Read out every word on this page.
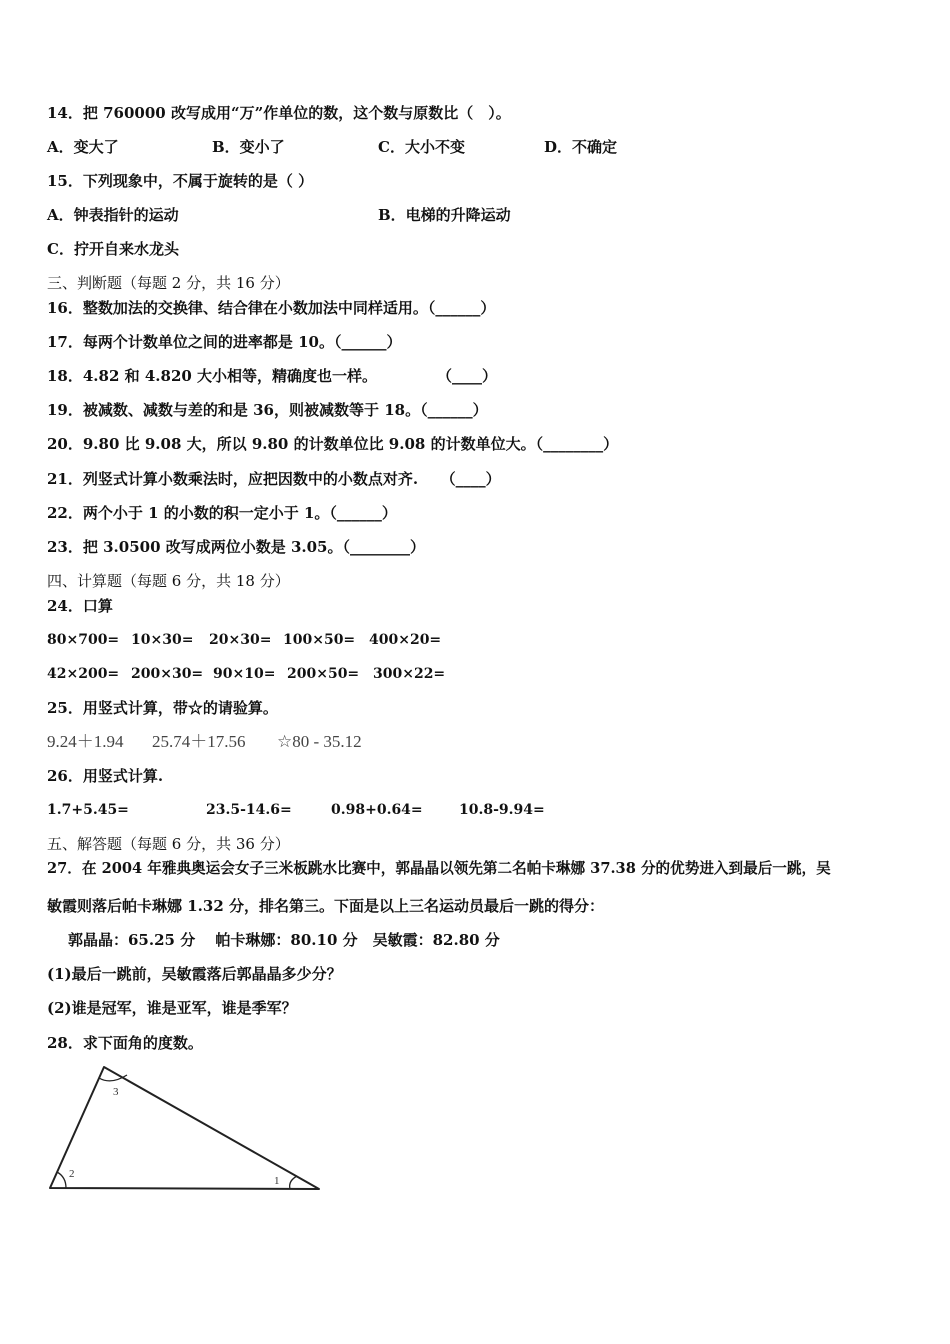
14．把 760000 改写成用“万”作单位的数，这个数与原数比（　）。
A．变大了	B．变小了	C．大小不变	D．不确定
15．下列现象中，不属于旋转的是（ ）
A．钟表指针的运动	B．电梯的升降运动
C．拧开自来水龙头
三、判断题（每题 2 分，共 16 分）
16．整数加法的交换律、结合律在小数加法中同样适用。（______）
17．每两个计数单位之间的进率都是 10。（______）
18．4.82 和 4.820 大小相等，精确度也一样。　　　　　（____）
19．被减数、减数与差的和是 36，则被减数等于 18。（______）
20．9.80 比 9.08 大，所以 9.80 的计数单位比 9.08 的计数单位大。（________）
21．列竖式计算小数乘法时，应把因数中的小数点对齐.　　（____）
22．两个小于 1 的小数的积一定小于 1。（______）
23．把 3.0500 改写成两位小数是 3.05。（________）
四、计算题（每题 6 分，共 18 分）
24．口算
80×700= 10×30= 20×30= 100×50= 400×20=
42×200= 200×30= 90×10= 200×50= 300×22=
25．用竖式计算，带☆的请验算。
9.24＋1.94 25.74＋17.56 ☆80 - 35.12
26．用竖式计算.
1.7+5.45=	23.5-14.6=	0.98+0.64=	10.8-9.94=
五、解答题（每题 6 分，共 36 分）
27．在 2004 年雅典奥运会女子三米板跳水比赛中，郭晶晶以领先第二名帕卡琳娜 37.38 分的优势进入到最后一跳，吴
敏霞则落后帕卡琳娜 1.32 分，排名第三。下面是以上三名运动员最后一跳的得分：
郭晶晶：65.25 分　 帕卡琳娜：80.10 分　吴敏霞：82.80 分
(1)最后一跳前，吴敏霞落后郭晶晶多少分？
(2)谁是冠军，谁是亚军，谁是季军？
28．求下面角的度数。
1
2
3
